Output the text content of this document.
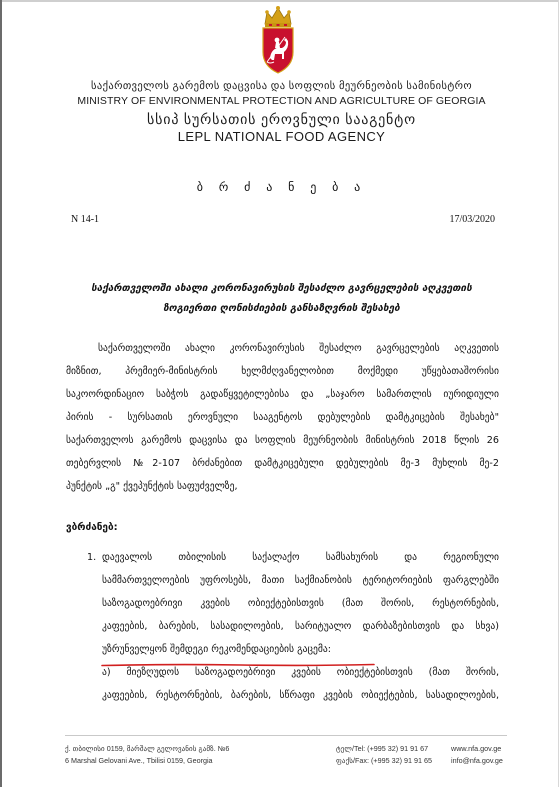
საქართველოს გარემოს დაცვისა და სოფლის მეურნეობის სამინისტრო
MINISTRY OF ENVIRONMENTAL PROTECTION AND AGRICULTURE OF GEORGIA
სსიპ სურსათის ეროვნული სააგენტო
LEPL NATIONAL FOOD AGENCY
ბ რ ძ ა ნ ე ბ ა
N 14-1	17/03/2020
საქართველოში ახალი კორონავირუსის შესაძლო გავრცელების აღკვეთის
ზოგიერთი ღონისძიების განსაზღვრის შესახებ
საქართველოში ახალი კორონავირუსის შესაძლო გავრცელების აღკვეთის
მიზნით, პრემიერ-მინისტრის ხელმძღვანელობით მოქმედი უწყებათაშორისი
საკოორდინაციო საბჭოს გადაწყვეტილებისა და „საჯარო სამართლის იურიდიული
პირის - სურსათის ეროვნული სააგენტოს დებულების დამტკიცების შესახებ"
საქართველოს გარემოს დაცვისა და სოფლის მეურნეობის მინისტრის 2018 წლის 26
თებერვლის №2-107 ბრძანებით დამტკიცებული დებულების მე-3 მუხლის მე-2
პუნქტის „გ" ქვეპუნქტის საფუძველზე,
ვბრძანებ:
1. დაევალოს თბილისის საქალაქო სამსახურის და რეგიონული
სამმართველოების უფროსებს, მათი საქმიანობის ტერიტორიების ფარგლებში
საზოგადოებრივი კვების ობიექტებისთვის (მათ შორის, რესტორნების,
კაფეების, ბარების, სასადილოების, სარიტუალო დარბაზებისთვის და სხვა)
უზრუნველყონ შემდეგი რეკომენდაციების გაცემა:
ა) მიეზღუდოს საზოგადოებრივი კვების ობიექტებისთვის (მათ შორის,
კაფეების, რესტორნების, ბარების, სწრაფი კვების ობიექტების, სასადილოების,
ქ. თბილისი 0159, მარშალ გელოვანის გამზ. №6
6 Marshal Gelovani Ave., Tbilisi 0159, Georgia
ტელ/Tel: (+995 32) 91 91 67
ფაქს/Fax: (+995 32) 91 91 65
www.nfa.gov.ge
info@nfa.gov.ge
